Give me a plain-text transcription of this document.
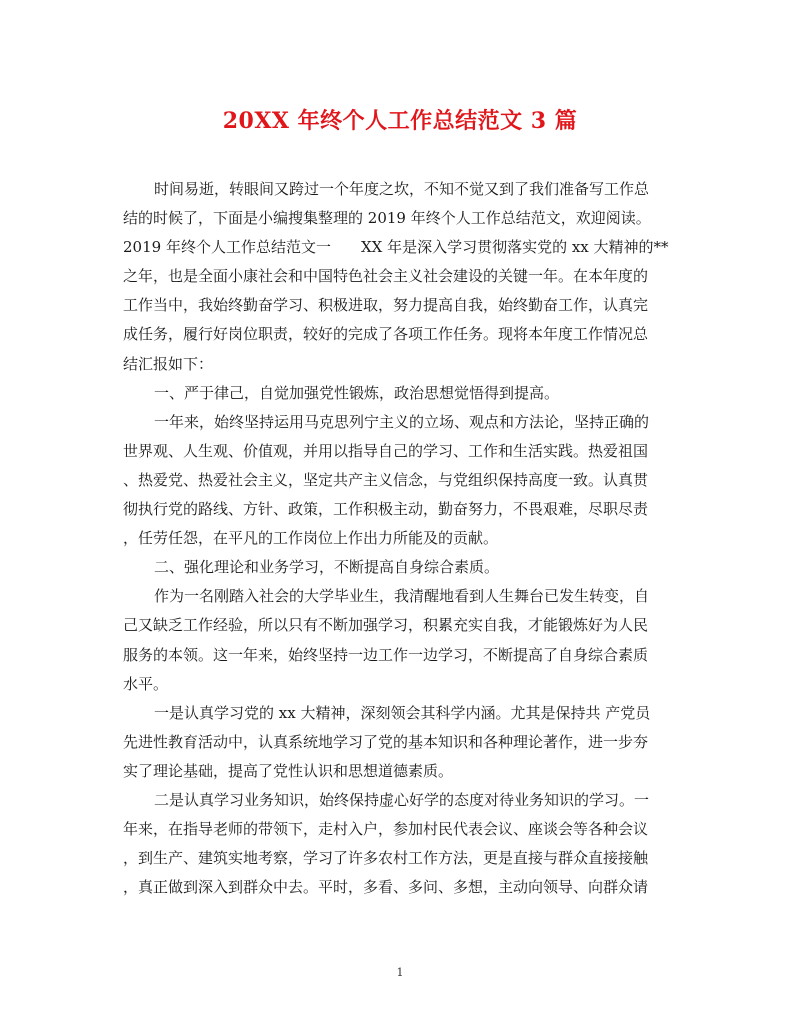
20XX 年终个人工作总结范文 3 篇
时间易逝，转眼间又跨过一个年度之坎，不知不觉又到了我们准备写工作总
结的时候了，下面是小编搜集整理的 2019 年终个人工作总结范文，欢迎阅读。
2019 年终个人工作总结范文一　　XX 年是深入学习贯彻落实党的 xx 大精神的**
之年，也是全面小康社会和中国特色社会主义社会建设的关键一年。在本年度的
工作当中，我始终勤奋学习、积极进取，努力提高自我，始终勤奋工作，认真完
成任务，履行好岗位职责，较好的完成了各项工作任务。现将本年度工作情况总
结汇报如下：
一、严于律己，自觉加强党性锻炼，政治思想觉悟得到提高。
一年来，始终坚持运用马克思列宁主义的立场、观点和方法论，坚持正确的
世界观、人生观、价值观，并用以指导自己的学习、工作和生活实践。热爱祖国
、热爱党、热爱社会主义，坚定共产主义信念，与党组织保持高度一致。认真贯
彻执行党的路线、方针、政策，工作积极主动，勤奋努力，不畏艰难，尽职尽责
，任劳任怨，在平凡的工作岗位上作出力所能及的贡献。
二、强化理论和业务学习，不断提高自身综合素质。
作为一名刚踏入社会的大学毕业生，我清醒地看到人生舞台已发生转变，自
己又缺乏工作经验，所以只有不断加强学习，积累充实自我，才能锻炼好为人民
服务的本领。这一年来，始终坚持一边工作一边学习，不断提高了自身综合素质
水平。
一是认真学习党的 xx 大精神，深刻领会其科学内涵。尤其是保持共 产党员
先进性教育活动中，认真系统地学习了党的基本知识和各种理论著作，进一步夯
实了理论基础，提高了党性认识和思想道德素质。
二是认真学习业务知识，始终保持虚心好学的态度对待业务知识的学习。一
年来，在指导老师的带领下，走村入户，参加村民代表会议、座谈会等各种会议
，到生产、建筑实地考察，学习了许多农村工作方法，更是直接与群众直接接触
，真正做到深入到群众中去。平时，多看、多问、多想，主动向领导、向群众请
1
